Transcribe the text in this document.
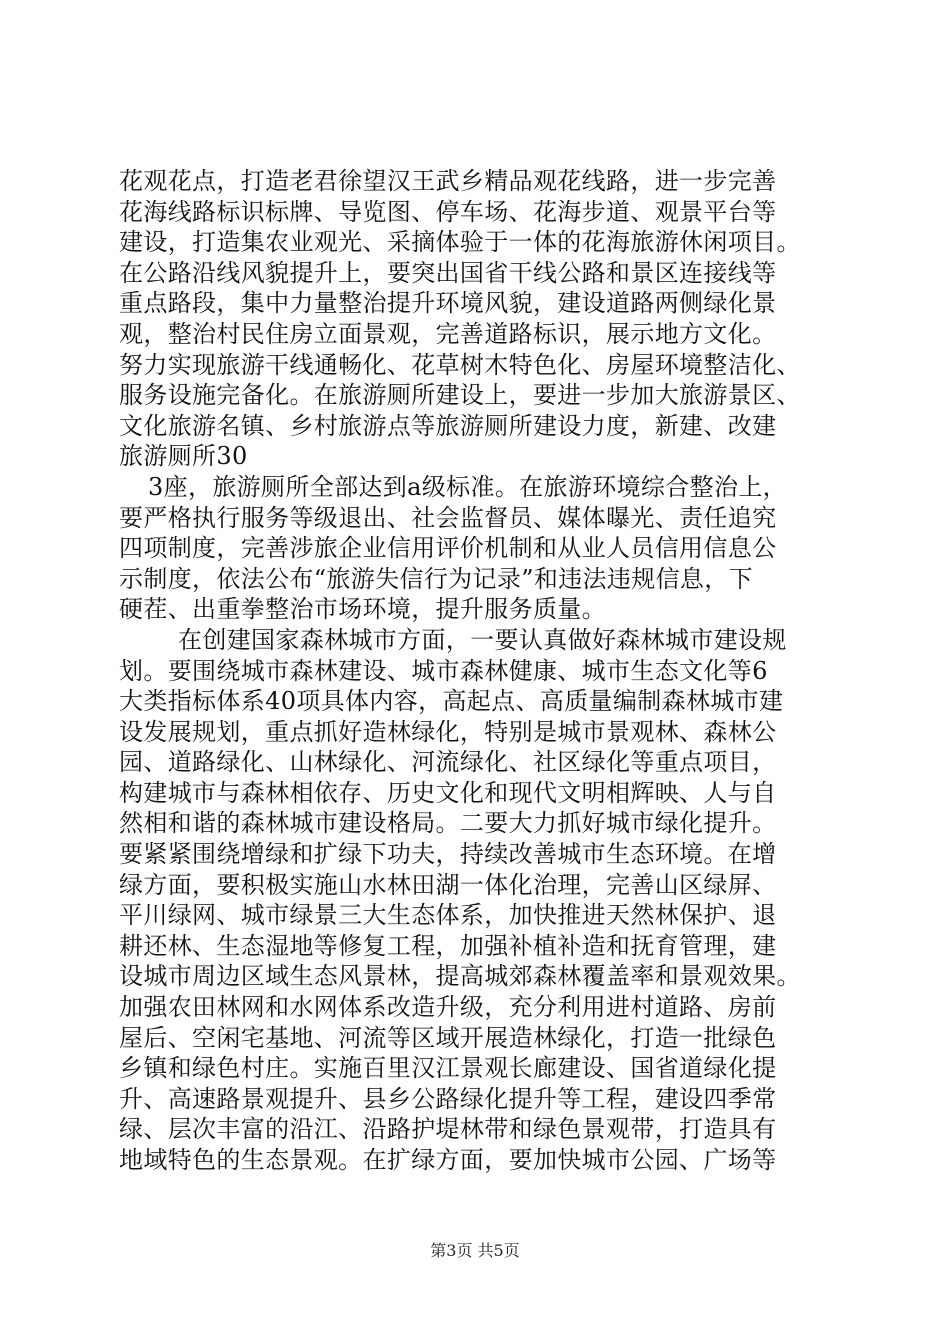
花观花点，打造老君徐望汉王武乡精品观花线路，进一步完善
花海线路标识标牌、导览图、停车场、花海步道、观景平台等
建设，打造集农业观光、采摘体验于一体的花海旅游休闲项目。
在公路沿线风貌提升上，要突出国省干线公路和景区连接线等
重点路段，集中力量整治提升环境风貌，建设道路两侧绿化景
观，整治村民住房立面景观，完善道路标识，展示地方文化。
努力实现旅游干线通畅化、花草树木特色化、房屋环境整洁化、
服务设施完备化。在旅游厕所建设上，要进一步加大旅游景区、
文化旅游名镇、乡村旅游点等旅游厕所建设力度，新建、改建
旅游厕所30
3座，旅游厕所全部达到a级标准。在旅游环境综合整治上，
要严格执行服务等级退出、社会监督员、媒体曝光、责任追究
四项制度，完善涉旅企业信用评价机制和从业人员信用信息公
示制度，依法公布“旅游失信行为记录”和违法违规信息，下
硬茬、出重拳整治市场环境，提升服务质量。
在创建国家森林城市方面，一要认真做好森林城市建设规
划。要围绕城市森林建设、城市森林健康、城市生态文化等6
大类指标体系40项具体内容，高起点、高质量编制森林城市建
设发展规划，重点抓好造林绿化，特别是城市景观林、森林公
园、道路绿化、山林绿化、河流绿化、社区绿化等重点项目，
构建城市与森林相依存、历史文化和现代文明相辉映、人与自
然相和谐的森林城市建设格局。二要大力抓好城市绿化提升。
要紧紧围绕增绿和扩绿下功夫，持续改善城市生态环境。在增
绿方面，要积极实施山水林田湖一体化治理，完善山区绿屏、
平川绿网、城市绿景三大生态体系，加快推进天然林保护、退
耕还林、生态湿地等修复工程，加强补植补造和抚育管理，建
设城市周边区域生态风景林，提高城郊森林覆盖率和景观效果。
加强农田林网和水网体系改造升级，充分利用进村道路、房前
屋后、空闲宅基地、河流等区域开展造林绿化，打造一批绿色
乡镇和绿色村庄。实施百里汉江景观长廊建设、国省道绿化提
升、高速路景观提升、县乡公路绿化提升等工程，建设四季常
绿、层次丰富的沿江、沿路护堤林带和绿色景观带，打造具有
地域特色的生态景观。在扩绿方面，要加快城市公园、广场等
第3页 共5页
